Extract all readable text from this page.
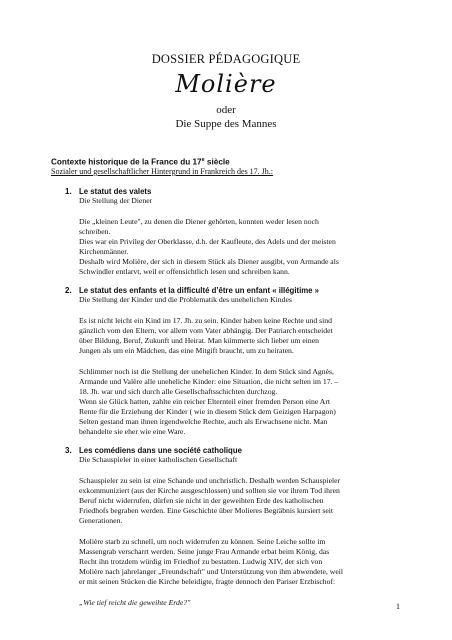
DOSSIER PÉDAGOGIQUE
Molière
oder
Die Suppe des Mannes
Contexte historique de la France du 17e siècle
Sozialer und gesellschaftlicher Hintergrund in Frankreich des 17. Jh.:
1. Le statut des valets
Die Stellung der Diener
Die „kleinen Leute", zu denen die Diener gehörten, konnten weder lesen noch
schreiben.
Dies war ein Privileg der Oberklasse, d.h. der Kaufleute, des Adels und der meisten
Kirchenmänner.
Deshalb wird Molière, der sich in diesem Stück als Diener ausgibt, von Armande als
Schwindler entlarvt, weil er offensichtlich lesen und schreiben kann.
2. Le statut des enfants et la difficulté d’être un enfant « illégitime »
Die Stellung der Kinder und die Problematik des unehelichen Kindes
Es ist nicht leicht ein Kind im 17. Jh. zu sein. Kinder haben keine Rechte und sind
gänzlich vom den Eltern, vor allem vom Vater abhängig. Der Patriarch entscheidet
über Bildung, Beruf, Zukunft und Heirat. Man kümmerte sich lieber um einen
Jungen als um ein Mädchen, das eine Mitgift braucht, um zu heiraten.
Schlimmer noch ist die Stellung der unehelichen Kinder. In dem Stück sind Agnès,
Armande und Valère alle uneheliche Kinder: eine Situation, die nicht selten im 17. –
18. Jh. war und sich durch alle Gesellschaftsschichten durchzog.
Wenn sie Glück hatten, zahlte ein reicher Elternteil einer fremden Person eine Art
Rente für die Erziehung der Kinder ( wie in diesem Stück dem Geizigen Harpagon)
Selten gestand man ihnen irgendwelche Rechte, auch als Erwachsene nicht. Man
behandelte sie eher wie eine Ware.
3. Les comédiens dans une société catholique
Die Schauspieler in einer katholischen Gesellschaft
Schauspieler zu sein ist eine Schande und unchristlich. Deshalb werden Schauspieler
exkommuniziert (aus der Kirche ausgeschlossen) und sollten sie vor ihrem Tod ihren
Beruf nicht widerrufen, dürfen sie nicht in der geweihten Erde des katholischen
Friedhofs begraben werden. Eine Geschichte über Molieres Begräbnis kursiert seit
Generationen.
Molière starb zu schnell, um noch widerrufen zu können. Seine Leiche sollte im
Massengrab verscharrt werden. Seine junge Frau Armande erbat beim König, das
Recht ihn trotzdem würdig im Friedhof zu bestatten. Ludwig XIV, der sich von
Molière nach jahrelanger „Freundschaft" und Unterstützung von ihm abwendete, weil
er mit seinen Stücken die Kirche beleidigte, fragte dennoch den Pariser Erzbischof:
„Wie tief reicht die geweihte Erde?"	1
